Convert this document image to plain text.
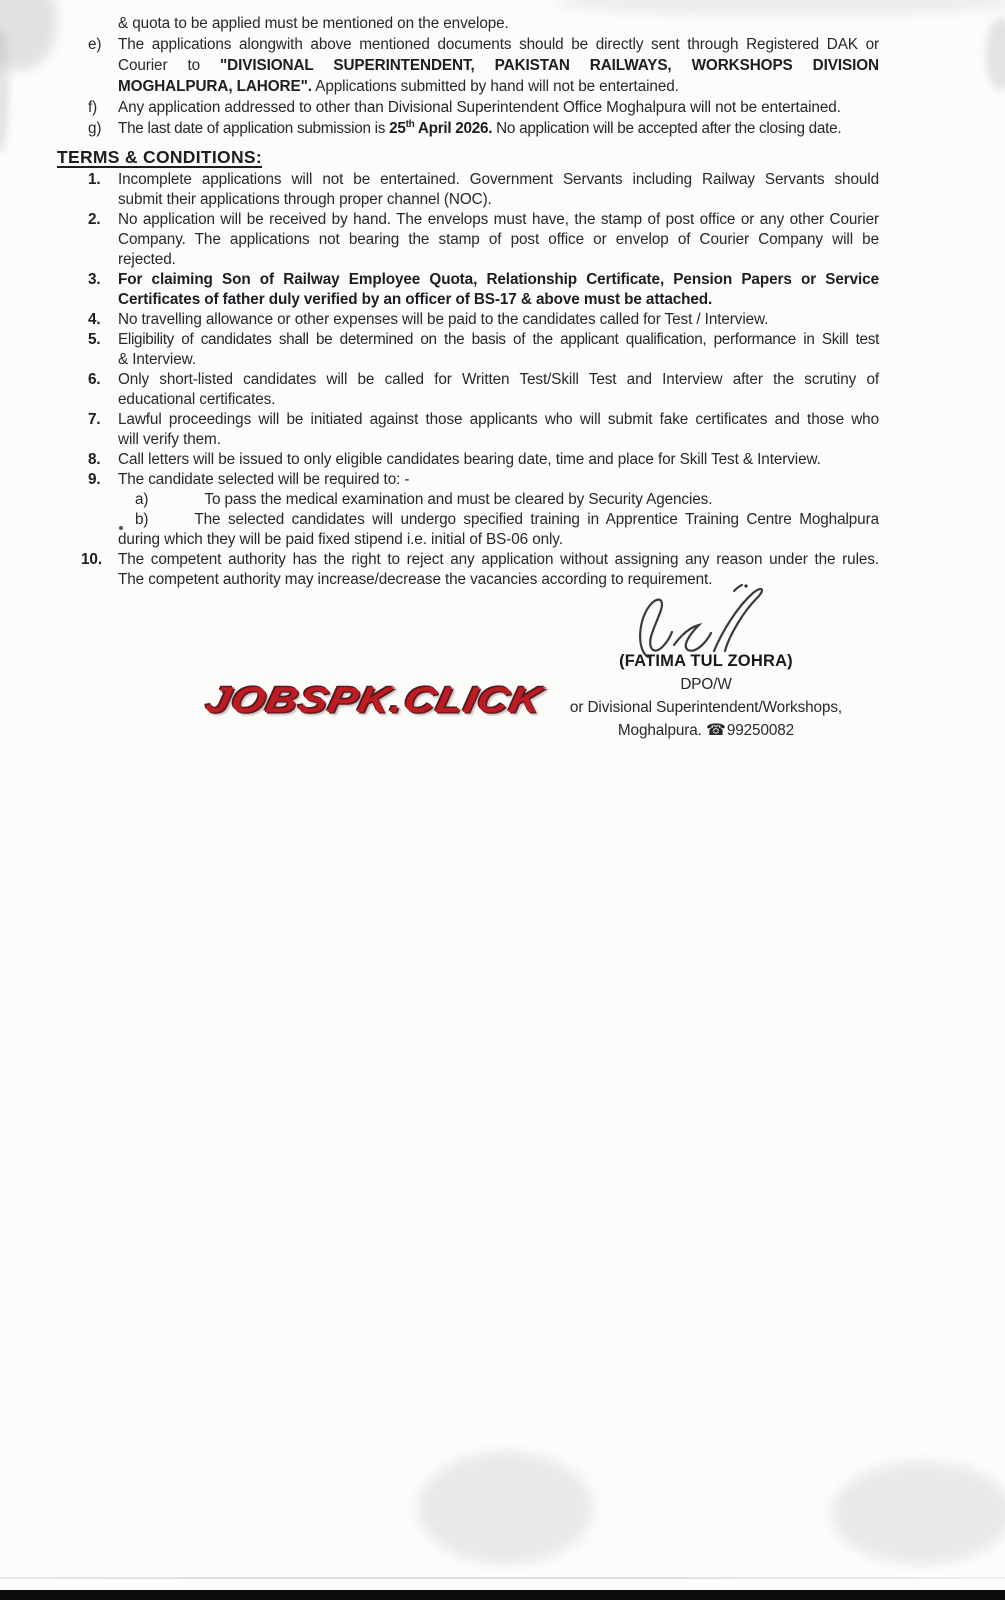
& quota to be applied must be mentioned on the envelope.
e)	The applications alongwith above mentioned documents should be directly sent through Registered DAK or
Courier to "DIVISIONAL SUPERINTENDENT, PAKISTAN RAILWAYS, WORKSHOPS DIVISION
MOGHALPURA, LAHORE". Applications submitted by hand will not be entertained.
f)	Any application addressed to other than Divisional Superintendent Office Moghalpura will not be entertained.
g)	The last date of application submission is 25th April 2026. No application will be accepted after the closing date.
TERMS & CONDITIONS:
1.	Incomplete applications will not be entertained. Government Servants including Railway Servants should
submit their applications through proper channel (NOC).
2.	No application will be received by hand. The envelops must have, the stamp of post office or any other Courier
Company. The applications not bearing the stamp of post office or envelop of Courier Company will be
rejected.
3.	For claiming Son of Railway Employee Quota, Relationship Certificate, Pension Papers or Service
Certificates of father duly verified by an officer of BS-17 & above must be attached.
4.	No travelling allowance or other expenses will be paid to the candidates called for Test / Interview.
5.	Eligibility of candidates shall be determined on the basis of the applicant qualification, performance in Skill test
& Interview.
6.	Only short-listed candidates will be called for Written Test/Skill Test and Interview after the scrutiny of
educational certificates.
7.	Lawful proceedings will be initiated against those applicants who will submit fake certificates and those who
will verify them.
8.	Call letters will be issued to only eligible candidates bearing date, time and place for Skill Test & Interview.
9.	The candidate selected will be required to: -
a)	To pass the medical examination and must be cleared by Security Agencies.
b)	The selected candidates will undergo specified training in Apprentice Training Centre Moghalpura
during which they will be paid fixed stipend i.e. initial of BS-06 only.
10.	The competent authority has the right to reject any application without assigning any reason under the rules.
The competent authority may increase/decrease the vacancies according to requirement.
(FATIMA TUL ZOHRA)
DPO/W
or Divisional Superintendent/Workshops,
Moghalpura. ☎99250082
JOBSPK.CLICK
